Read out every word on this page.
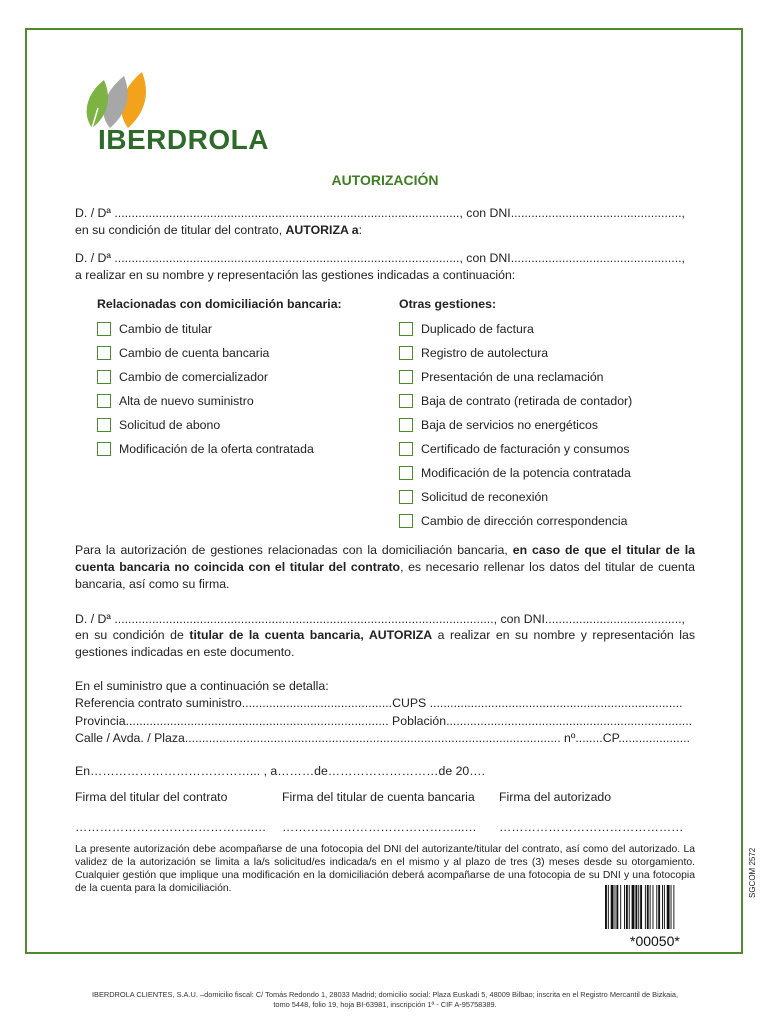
IBERDROLA
AUTORIZACIÓN
D. / Dª ....................................................................................................., con DNI..................................................,
en su condición de titular del contrato, AUTORIZA a:
D. / Dª ....................................................................................................., con DNI..................................................,
a realizar en su nombre y representación las gestiones indicadas a continuación:
Relacionadas con domiciliación bancaria:	Otras gestiones:
Cambio de titular
Cambio de cuenta bancaria
Cambio de comercializador
Alta de nuevo suministro
Solicitud de abono
Modificación de la oferta contratada
Duplicado de factura
Registro de autolectura
Presentación de una reclamación
Baja de contrato (retirada de contador)
Baja de servicios no energéticos
Certificado de facturación y consumos
Modificación de la potencia contratada
Solicitud de reconexión
Cambio de dirección correspondencia
Para la autorización de gestiones relacionadas con la domiciliación bancaria, en caso de que el titular de la cuenta bancaria no coincida con el titular del contrato, es necesario rellenar los datos del titular de cuenta bancaria, así como su firma.
D. / Dª ..............................................................................................................., con DNI........................................,
en su condición de titular de la cuenta bancaria, AUTORIZA a realizar en su nombre y representación las gestiones indicadas en este documento.
En el suministro que a continuación se detalla:
Referencia contrato suministro............................................CUPS ..........................................................................
Provincia............................................................................. Población........................................................................
Calle / Avda. / Plaza.............................................................................................................. nº........CP.....................
En…………………………………... , a………de………………………de 20….
Firma del titular del contrato	Firma del titular de cuenta bancaria Firma del autorizado
……………………………………..… ……………………………………...… ………………………………………
La presente autorización debe acompañarse de una fotocopia del DNI del autorizante/titular del contrato, así como del autorizado. La validez de la autorización se limita a la/s solicitud/es indicada/s en el mismo y al plazo de tres (3) meses desde su otorgamiento. Cualquier gestión que implique una modificación en la domiciliación deberá acompañarse de una fotocopia de su DNI y una fotocopia de la cuenta para la domiciliación.
*00050*
SGCOM 2572
IBERDROLA CLIENTES, S.A.U. –domicilio fiscal: C/ Tomás Redondo 1, 28033 Madrid; domicilio social: Plaza Euskadi 5, 48009 Bilbao; inscrita en el Registro Mercantil de Bizkaia,
tomo 5448, folio 19, hoja BI-63981, inscripción 1ª - CIF A-95758389.
